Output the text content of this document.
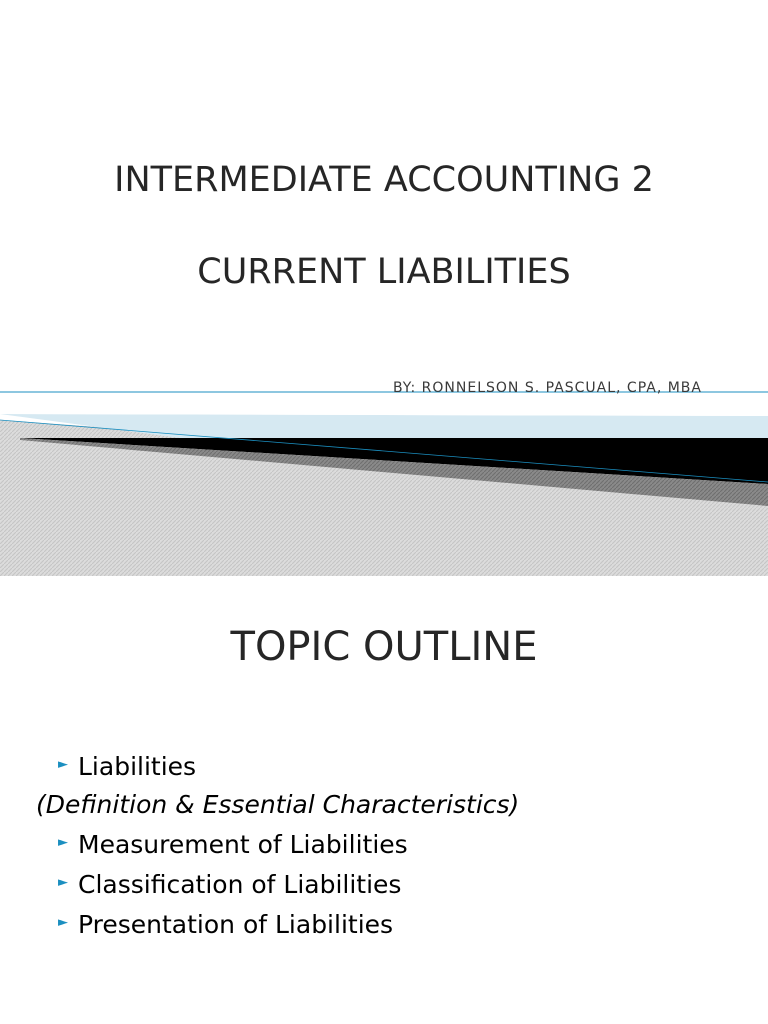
INTERMEDIATE ACCOUNTING 2
CURRENT LIABILITIES
BY: RONNELSON S. PASCUAL, CPA, MBA
TOPIC OUTLINE
► Liabilities
(Definition & Essential Characteristics)
► Measurement of Liabilities
► Classification of Liabilities
► Presentation of Liabilities
